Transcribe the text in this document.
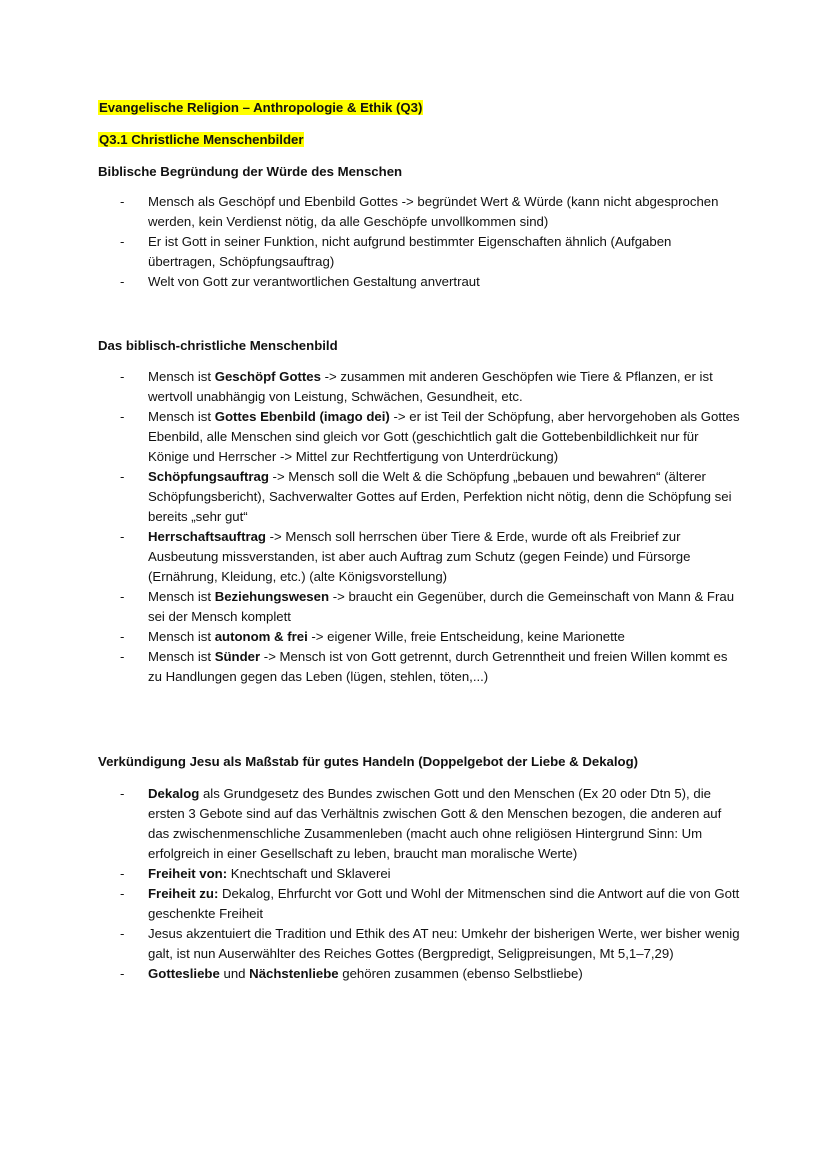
Evangelische Religion – Anthropologie & Ethik (Q3)

Q3.1 Christliche Menschenbilder

Biblische Begründung der Würde des Menschen

- Mensch als Geschöpf und Ebenbild Gottes -> begründet Wert & Würde (kann nicht abgesprochen werden, kein Verdienst nötig, da alle Geschöpfe unvollkommen sind)
- Er ist Gott in seiner Funktion, nicht aufgrund bestimmter Eigenschaften ähnlich (Aufgaben übertragen, Schöpfungsauftrag)
- Welt von Gott zur verantwortlichen Gestaltung anvertraut

Das biblisch-christliche Menschenbild

- Mensch ist Geschöpf Gottes -> zusammen mit anderen Geschöpfen wie Tiere & Pflanzen, er ist wertvoll unabhängig von Leistung, Schwächen, Gesundheit, etc.
- Mensch ist Gottes Ebenbild (imago dei) -> er ist Teil der Schöpfung, aber hervorgehoben als Gottes Ebenbild, alle Menschen sind gleich vor Gott (geschichtlich galt die Gottebenbildlichkeit nur für Könige und Herrscher -> Mittel zur Rechtfertigung von Unterdrückung)
- Schöpfungsauftrag -> Mensch soll die Welt & die Schöpfung „bebauen und bewahren“ (älterer Schöpfungsbericht), Sachverwalter Gottes auf Erden, Perfektion nicht nötig, denn die Schöpfung sei bereits „sehr gut“
- Herrschaftsauftrag -> Mensch soll herrschen über Tiere & Erde, wurde oft als Freibrief zur Ausbeutung missverstanden, ist aber auch Auftrag zum Schutz (gegen Feinde) und Fürsorge (Ernährung, Kleidung, etc.) (alte Königsvorstellung)
- Mensch ist Beziehungswesen -> braucht ein Gegenüber, durch die Gemeinschaft von Mann & Frau sei der Mensch komplett
- Mensch ist autonom & frei -> eigener Wille, freie Entscheidung, keine Marionette
- Mensch ist Sünder -> Mensch ist von Gott getrennt, durch Getrenntheit und freien Willen kommt es zu Handlungen gegen das Leben (lügen, stehlen, töten,...)

Verkündigung Jesu als Maßstab für gutes Handeln (Doppelgebot der Liebe & Dekalog)

- Dekalog als Grundgesetz des Bundes zwischen Gott und den Menschen (Ex 20 oder Dtn 5), die ersten 3 Gebote sind auf das Verhältnis zwischen Gott & den Menschen bezogen, die anderen auf das zwischenmenschliche Zusammenleben (macht auch ohne religiösen Hintergrund Sinn: Um erfolgreich in einer Gesellschaft zu leben, braucht man moralische Werte)
- Freiheit von: Knechtschaft und Sklaverei
- Freiheit zu: Dekalog, Ehrfurcht vor Gott und Wohl der Mitmenschen sind die Antwort auf die von Gott geschenkte Freiheit
- Jesus akzentuiert die Tradition und Ethik des AT neu: Umkehr der bisherigen Werte, wer bisher wenig galt, ist nun Auserwählter des Reiches Gottes (Bergpredigt, Seligpreisungen, Mt 5,1–7,29)
- Gottesliebe und Nächstenliebe gehören zusammen (ebenso Selbstliebe)
